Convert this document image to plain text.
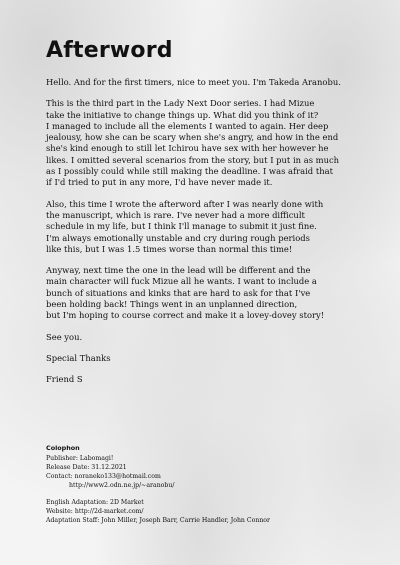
Afterword

Hello. And for the first timers, nice to meet you. I'm Takeda Aranobu.

This is the third part in the Lady Next Door series. I had Mizue
take the initiative to change things up. What did you think of it?
I managed to include all the elements I wanted to again. Her deep
jealousy, how she can be scary when she's angry, and how in the end
she's kind enough to still let Ichirou have sex with her however he
likes. I omitted several scenarios from the story, but I put in as much
as I possibly could while still making the deadline. I was afraid that
if I'd tried to put in any more, I'd have never made it.

Also, this time I wrote the afterword after I was nearly done with
the manuscript, which is rare. I've never had a more difficult
schedule in my life, but I think I'll manage to submit it just fine.
I'm always emotionally unstable and cry during rough periods
like this, but I was 1.5 times worse than normal this time!

Anyway, next time the one in the lead will be different and the
main character will fuck Mizue all he wants. I want to include a
bunch of situations and kinks that are hard to ask for that I've
been holding back! Things went in an unplanned direction,
but I'm hoping to course correct and make it a lovey-dovey story!

See you.

Special Thanks

Friend S

Colophon
Publisher: Labomagi!
Release Date: 31.12.2021
Contact: noraneko133@hotmail.com
http://www2.odn.ne.jp/~aranobu/
English Adaptation: 2D Market
Website: http://2d-market.com/
Adaptation Staff: John Miller, Joseph Barr, Carrie Handler, John Connor
